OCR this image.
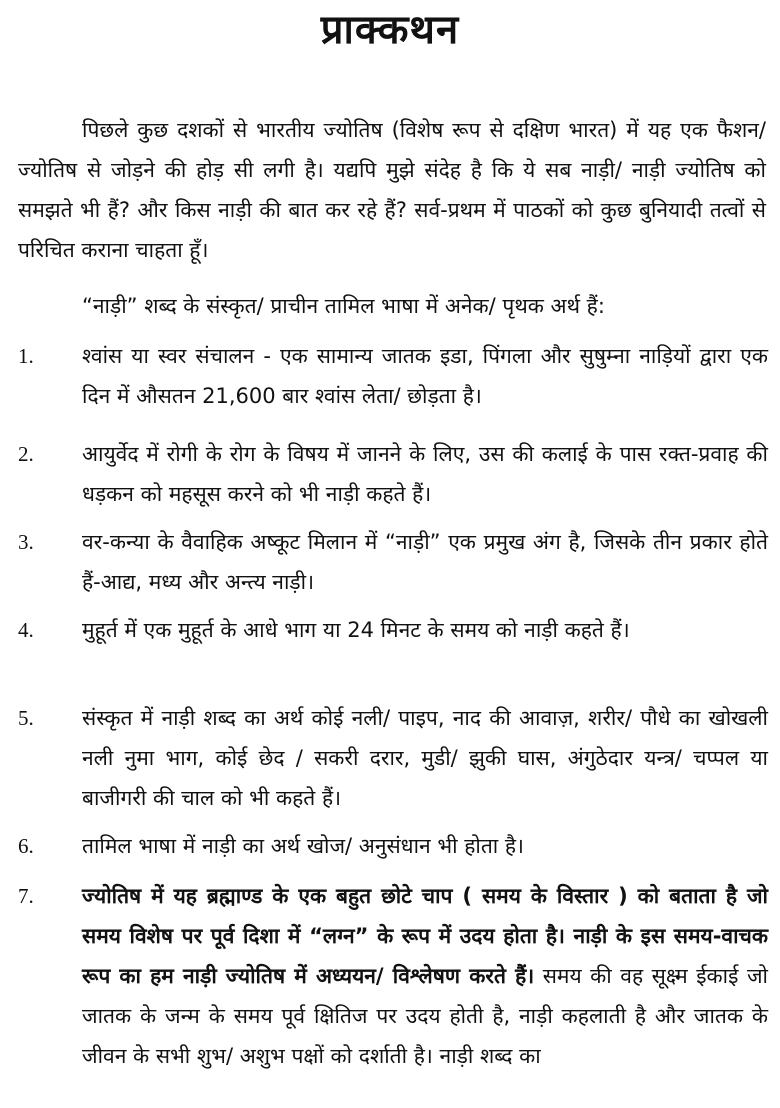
प्राक्कथन

पिछले कुछ दशकों से भारतीय ज्योतिष (विशेष रूप से दक्षिण भारत) में यह एक फैशन/ ज्योतिष से जोड़ने की होड़ सी लगी है। यद्यपि मुझे संदेह है कि ये सब नाड़ी/ नाड़ी ज्योतिष को समझते भी हैं? और किस नाड़ी की बात कर रहे हैं? सर्व-प्रथम में पाठकों को कुछ बुनियादी तत्वों से परिचित कराना चाहता हूँ।

“नाड़ी” शब्द के संस्कृत/ प्राचीन तामिल भाषा में अनेक/ पृथक अर्थ हैं:
1.	श्वांस या स्वर संचालन - एक सामान्य जातक इडा, पिंगला और सुषुम्ना नाड़ियों द्वारा एक दिन में औसतन 21,600 बार श्वांस लेता/ छोड़ता है।
2.	आयुर्वेद में रोगी के रोग के विषय में जानने के लिए, उस की कलाई के पास रक्त-प्रवाह की धड़कन को महसूस करने को भी नाड़ी कहते हैं।
3.	वर-कन्या के वैवाहिक अष्कूट मिलान में “नाड़ी” एक प्रमुख अंग है, जिसके तीन प्रकार होते हैं-आद्य, मध्य और अन्त्य नाड़ी।
4.	मुहूर्त में एक मुहूर्त के आधे भाग या 24 मिनट के समय को नाड़ी कहते हैं।
5.	संस्कृत में नाड़ी शब्द का अर्थ कोई नली/ पाइप, नाद की आवाज़, शरीर/ पौधे का खोखली नली नुमा भाग, कोई छेद / सकरी दरार, मुडी/ झुकी घास, अंगुठेदार यन्त्र/ चप्पल या बाजीगरी की चाल को भी कहते हैं।
6.	तामिल भाषा में नाड़ी का अर्थ खोज/ अनुसंधान भी होता है।
7.	ज्योतिष में यह ब्रह्माण्ड के एक बहुत छोटे चाप ( समय के विस्तार ) को बताता है जो समय विशेष पर पूर्व दिशा में “लग्न” के रूप में उदय होता है। नाड़ी के इस समय-वाचक रूप का हम नाड़ी ज्योतिष में अध्ययन/ विश्लेषण करते हैं। समय की वह सूक्ष्म ईकाई जो जातक के जन्म के समय पूर्व क्षितिज पर उदय होती है, नाड़ी कहलाती है और जातक के जीवन के सभी शुभ/ अशुभ पक्षों को दर्शाती है। नाड़ी शब्द का
